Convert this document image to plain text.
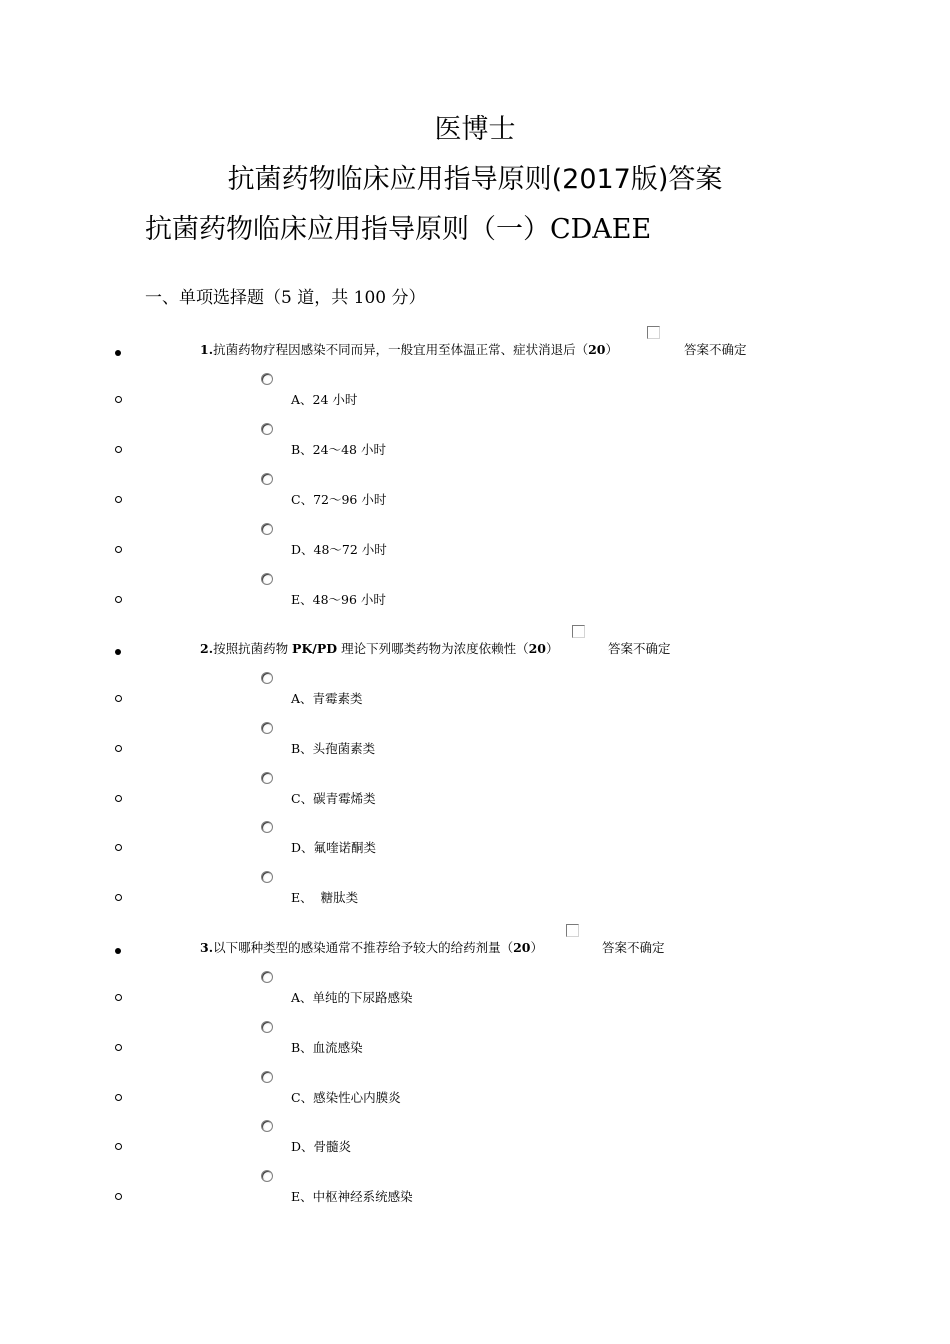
医博士
抗菌药物临床应用指导原则(2017版)答案
抗菌药物临床应用指导原则（一）CDAEE
一、单项选择题（5 道，共 100 分）
1.抗菌药物疗程因感染不同而异，一般宜用至体温正常、症状消退后（20）	答案不确定
A、24 小时
B、24～48 小时
C、72～96 小时
D、48～72 小时
E、48～96 小时
2.按照抗菌药物 PK/PD 理论下列哪类药物为浓度依赖性（20）	答案不确定
A、青霉素类
B、头孢菌素类
C、碳青霉烯类
D、氟喹诺酮类
E、  糖肽类
3.以下哪种类型的感染通常不推荐给予较大的给药剂量（20）	答案不确定
A、单纯的下尿路感染
B、血流感染
C、感染性心内膜炎
D、骨髓炎
E、中枢神经系统感染
